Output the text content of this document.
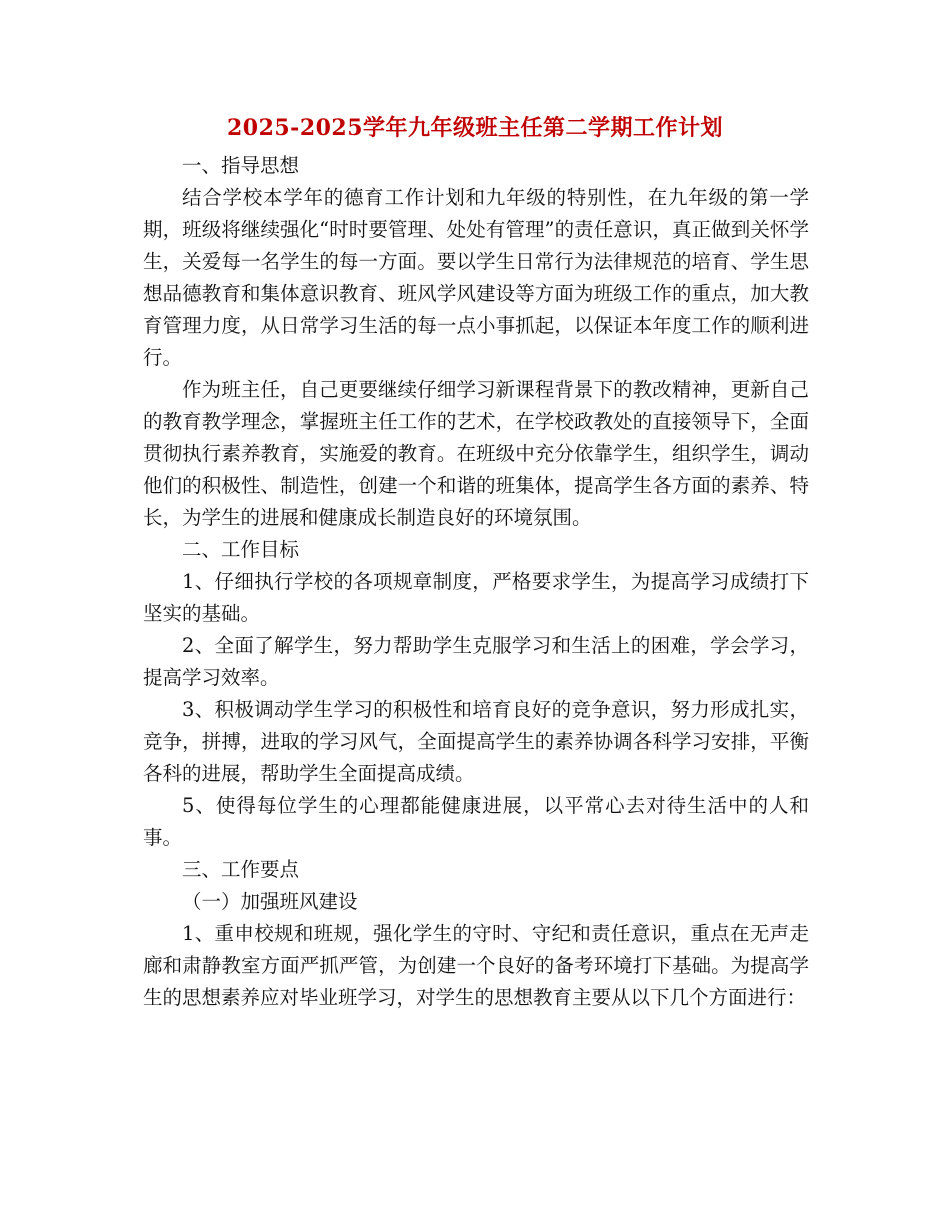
2025-2025学年九年级班主任第二学期工作计划

一、指导思想

结合学校本学年的德育工作计划和九年级的特别性，在九年级的第一学期，班级将继续强化“时时要管理、处处有管理”的责任意识，真正做到关怀学生，关爱每一名学生的每一方面。要以学生日常行为法律规范的培育、学生思想品德教育和集体意识教育、班风学风建设等方面为班级工作的重点，加大教育管理力度，从日常学习生活的每一点小事抓起，以保证本年度工作的顺利进行。

作为班主任，自己更要继续仔细学习新课程背景下的教改精神，更新自己的教育教学理念，掌握班主任工作的艺术，在学校政教处的直接领导下，全面贯彻执行素养教育，实施爱的教育。在班级中充分依靠学生，组织学生，调动他们的积极性、制造性，创建一个和谐的班集体，提高学生各方面的素养、特长，为学生的进展和健康成长制造良好的环境氛围。

二、工作目标

1、仔细执行学校的各项规章制度，严格要求学生，为提高学习成绩打下坚实的基础。

2、全面了解学生，努力帮助学生克服学习和生活上的困难，学会学习，提高学习效率。

3、积极调动学生学习的积极性和培育良好的竞争意识，努力形成扎实，竞争，拼搏，进取的学习风气，全面提高学生的素养协调各科学习安排，平衡各科的进展，帮助学生全面提高成绩。

5、使得每位学生的心理都能健康进展，以平常心去对待生活中的人和事。

三、工作要点

（一）加强班风建设

1、重申校规和班规，强化学生的守时、守纪和责任意识，重点在无声走廊和肃静教室方面严抓严管，为创建一个良好的备考环境打下基础。为提高学生的思想素养应对毕业班学习，对学生的思想教育主要从以下几个方面进行：
